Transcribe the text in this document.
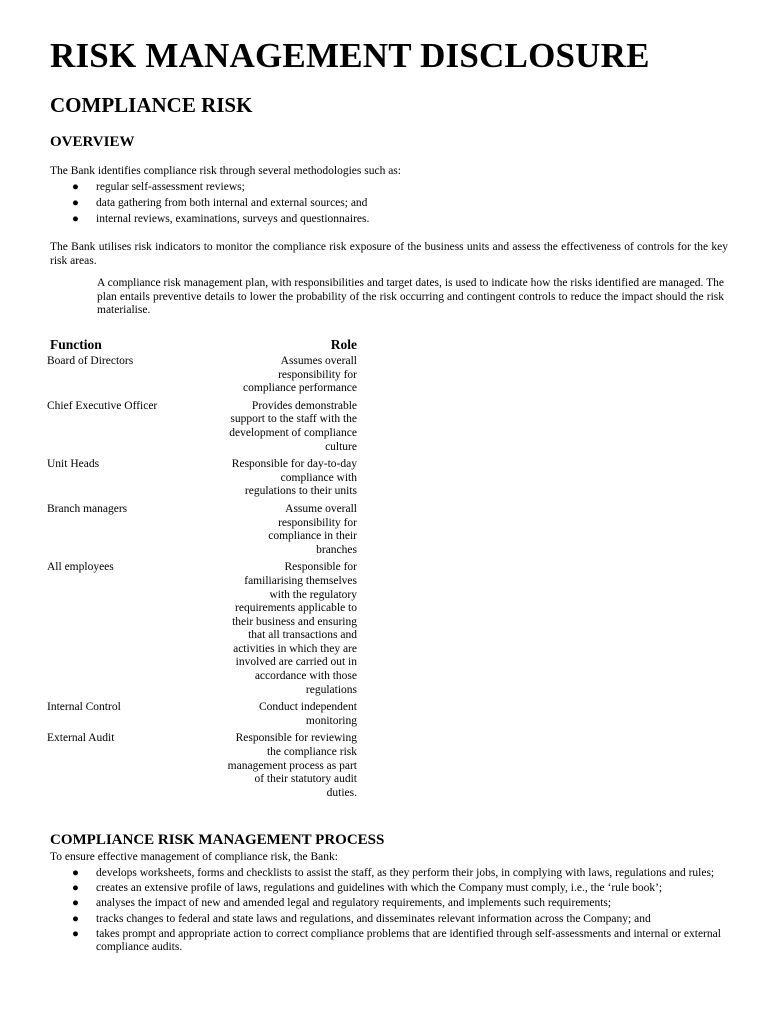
RISK MANAGEMENT DISCLOSURE
COMPLIANCE RISK
OVERVIEW

The Bank identifies compliance risk through several methodologies such as:

● regular self-assessment reviews;
● data gathering from both internal and external sources; and
● internal reviews, examinations, surveys and questionnaires.

The Bank utilises risk indicators to monitor the compliance risk exposure of the business units and assess the effectiveness of controls for the key risk areas.

A compliance risk management plan, with responsibilities and target dates, is used to indicate how the risks identified are managed. The plan entails preventive details to lower the probability of the risk occurring and contingent controls to reduce the impact should the risk materialise.

Function	Role
Board of Directors	Assumes overall
responsibility for
compliance performance
Chief Executive Officer	Provides demonstrable
support to the staff with the
development of compliance
culture
Unit Heads	Responsible for day-to-day
compliance with
regulations to their units
Branch managers	Assume overall
responsibility for
compliance in their
branches
All employees	Responsible for
familiarising themselves
with the regulatory
requirements applicable to
their business and ensuring
that all transactions and
activities in which they are
involved are carried out in
accordance with those
regulations
Internal Control	Conduct independent
monitoring
External Audit	Responsible for reviewing
the compliance risk
management process as part
of their statutory audit
duties.
COMPLIANCE RISK MANAGEMENT PROCESS

To ensure effective management of compliance risk, the Bank:

● develops worksheets, forms and checklists to assist the staff, as they perform their jobs, in complying with laws, regulations and rules;
● creates an extensive profile of laws, regulations and guidelines with which the Company must comply, i.e., the ‘rule book’;
● analyses the impact of new and amended legal and regulatory requirements, and implements such requirements;
● tracks changes to federal and state laws and regulations, and disseminates relevant information across the Company; and
● takes prompt and appropriate action to correct compliance problems that are identified through self-assessments and internal or external compliance audits.
